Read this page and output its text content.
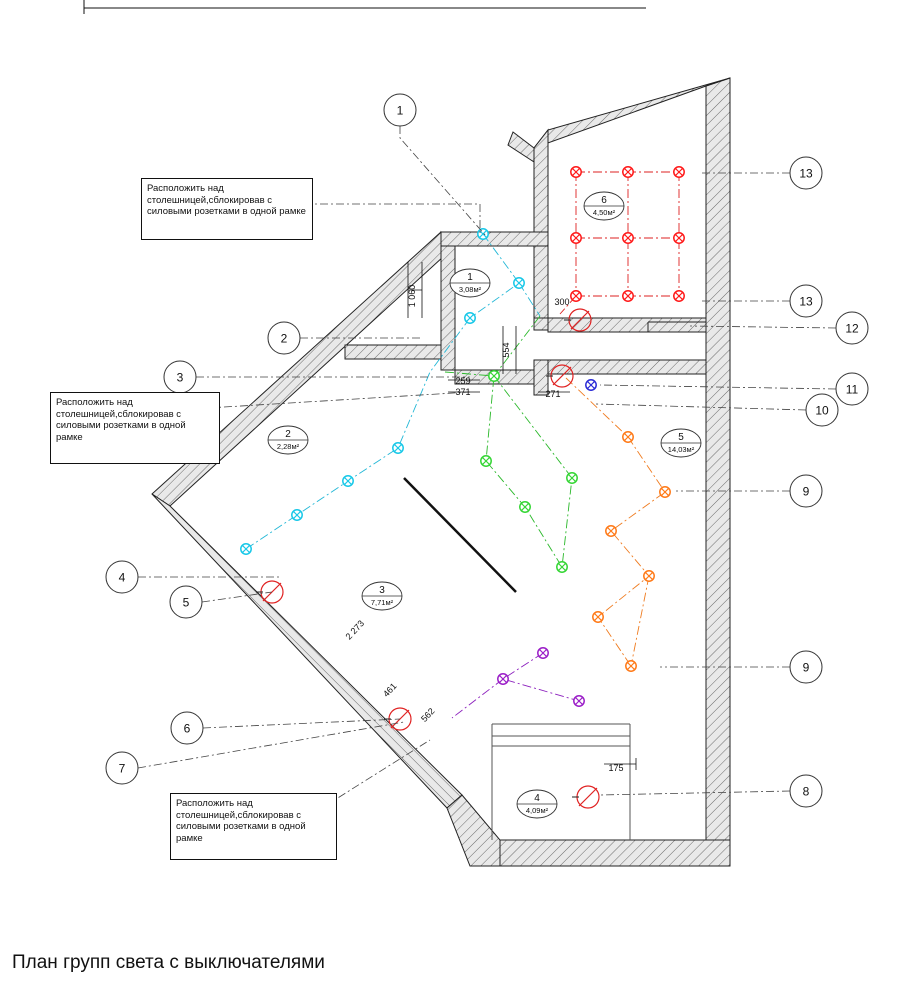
1
2
3
4
5
6
7
8
9
9
10
11
12
13
13
1
3,08м²
2
2,28м²
3
7,71м²
4
4,09м²
5
14,03м²
6
4,50м²
1 060
554
300
259
371	271
2 273
461
562
175
Расположить над столешницей,сблокировав с силовыми розетками в одной рамке
Расположить над столешницей,сблокировав с силовыми розетками в одной рамке
Расположить над столешницей,сблокировав с силовыми розетками в одной рамке
План групп света с выключателями
